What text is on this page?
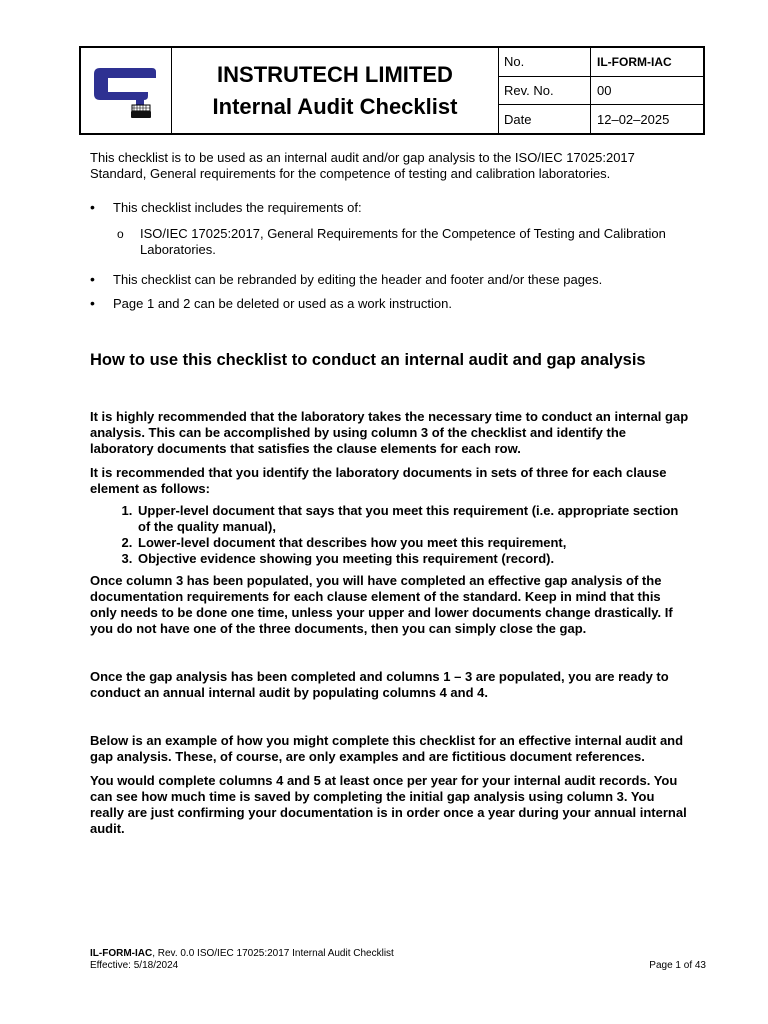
INSTRUTECH LIMITED
Internal Audit Checklist
No.	IL-FORM-IAC
Rev. No.	00
Date	12–02–2025

This checklist is to be used as an internal audit and/or gap analysis to the ISO/IEC 17025:2017 Standard, General requirements for the competence of testing and calibration laboratories.

• This checklist includes the requirements of:
o ISO/IEC 17025:2017, General Requirements for the Competence of Testing and Calibration Laboratories.
• This checklist can be rebranded by editing the header and footer and/or these pages.
• Page 1 and 2 can be deleted or used as a work instruction.
How to use this checklist to conduct an internal audit and gap analysis

It is highly recommended that the laboratory takes the necessary time to conduct an internal gap analysis. This can be accomplished by using column 3 of the checklist and identify the laboratory documents that satisfies the clause elements for each row.

It is recommended that you identify the laboratory documents in sets of three for each clause element as follows:

1. Upper-level document that says that you meet this requirement (i.e. appropriate section of the quality manual),
2. Lower-level document that describes how you meet this requirement,
3. Objective evidence showing you meeting this requirement (record).

Once column 3 has been populated, you will have completed an effective gap analysis of the documentation requirements for each clause element of the standard. Keep in mind that this only needs to be done one time, unless your upper and lower documents change drastically. If you do not have one of the three documents, then you can simply close the gap.

Once the gap analysis has been completed and columns 1 – 3 are populated, you are ready to conduct an annual internal audit by populating columns 4 and 4.

Below is an example of how you might complete this checklist for an effective internal audit and gap analysis. These, of course, are only examples and are fictitious document references.

You would complete columns 4 and 5 at least once per year for your internal audit records. You can see how much time is saved by completing the initial gap analysis using column 3. You really are just confirming your documentation is in order once a year during your annual internal audit.

IL-FORM-IAC, Rev. 0.0 ISO/IEC 17025:2017 Internal Audit Checklist
Effective: 5/18/2024	Page 1 of 43
